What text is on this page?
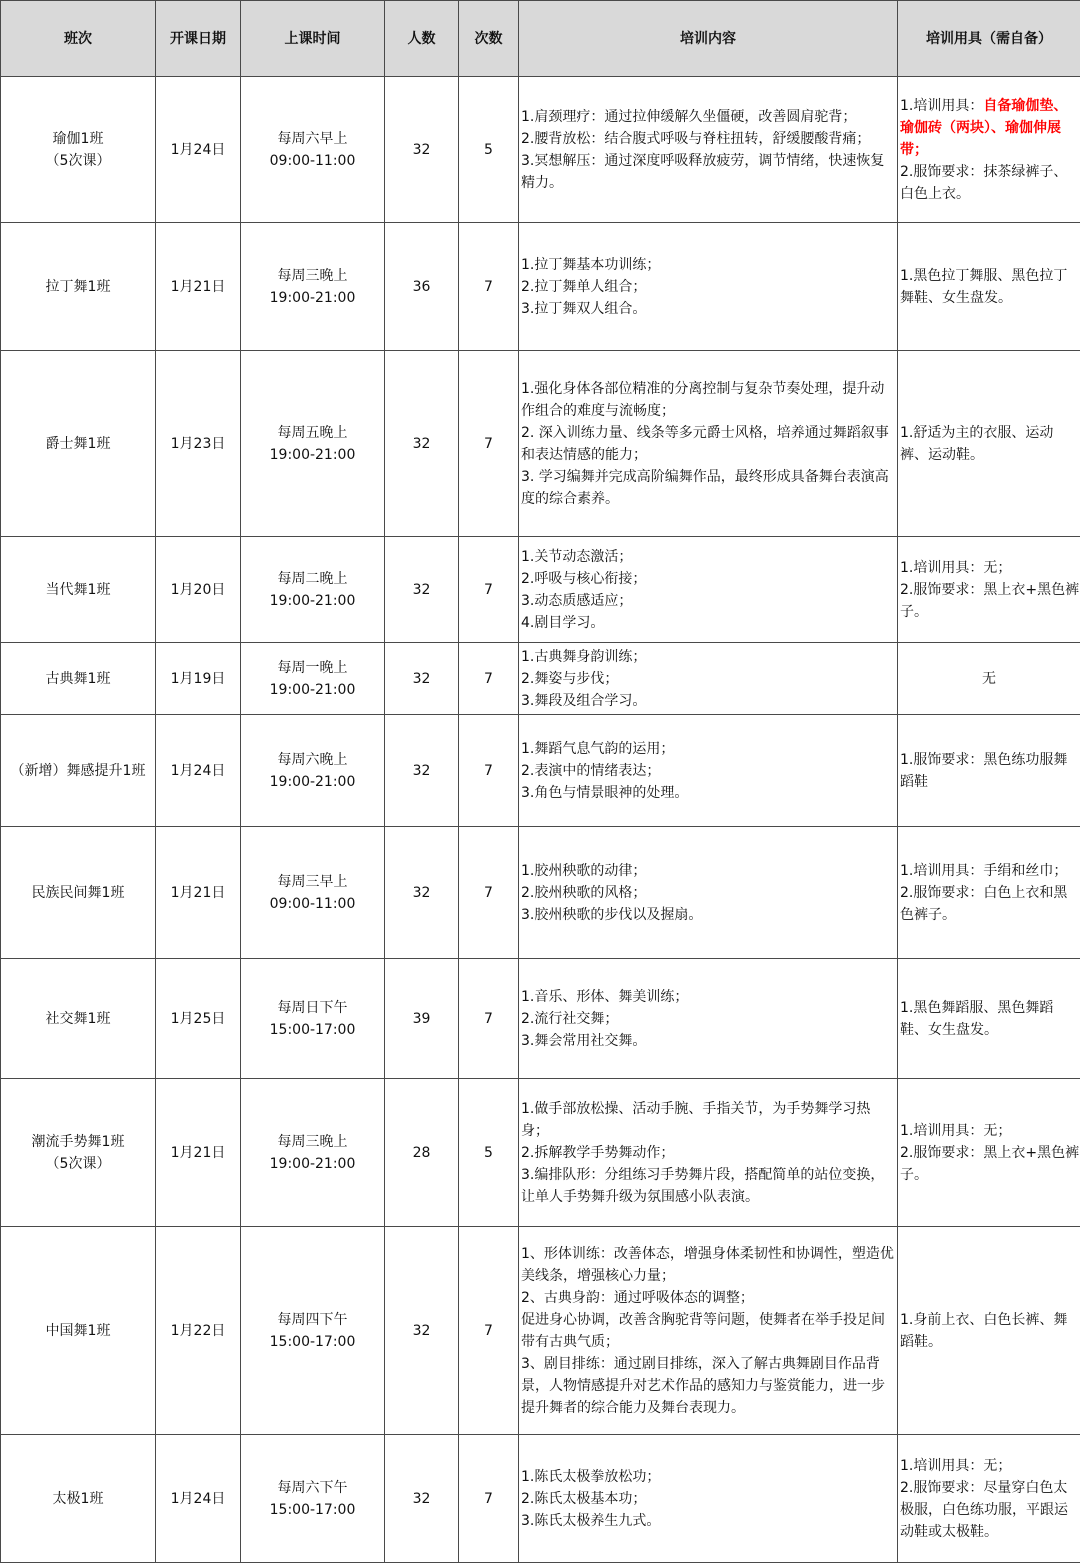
班次	开课日期	上课时间	人数	次数	培训内容	培训用具（需自备）

瑜伽1班
（5次课）	1月24日	每周六早上
09:00-11:00	32	5	1.肩颈理疗：通过拉伸缓解久坐僵硬，改善圆肩驼背；
2.腰背放松：结合腹式呼吸与脊柱扭转，舒缓腰酸背痛；
3.冥想解压：通过深度呼吸释放疲劳，调节情绪，快速恢复精力。	1.培训用具：自备瑜伽垫、瑜伽砖（两块）、瑜伽伸展带；
2.服饰要求：抹茶绿裤子、白色上衣。

拉丁舞1班	1月21日	每周三晚上
19:00-21:00	36	7	1.拉丁舞基本功训练；
2.拉丁舞单人组合；
3.拉丁舞双人组合。	1.黑色拉丁舞服、黑色拉丁舞鞋、女生盘发。

爵士舞1班	1月23日	每周五晚上
19:00-21:00	32	7	1.强化身体各部位精准的分离控制与复杂节奏处理，提升动作组合的难度与流畅度；
2. 深入训练力量、线条等多元爵士风格，培养通过舞蹈叙事和表达情感的能力；
3. 学习编舞并完成高阶编舞作品，最终形成具备舞台表演高度的综合素养。	1.舒适为主的衣服、运动裤、运动鞋。

当代舞1班	1月20日	每周二晚上
19:00-21:00	32	7	1.关节动态激活；
2.呼吸与核心衔接；
3.动态质感适应；
4.剧目学习。	1.培训用具：无；
2.服饰要求：黑上衣+黑色裤子。

古典舞1班	1月19日	每周一晚上
19:00-21:00	32	7	1.古典舞身韵训练；
2.舞姿与步伐；
3.舞段及组合学习。	无

（新增）舞感提升1班	1月24日	每周六晚上
19:00-21:00	32	7	1.舞蹈气息气韵的运用；
2.表演中的情绪表达；
3.角色与情景眼神的处理。	1.服饰要求：黑色练功服舞蹈鞋

民族民间舞1班	1月21日	每周三早上
09:00-11:00	32	7	1.胶州秧歌的动律；
2.胶州秧歌的风格；
3.胶州秧歌的步伐以及握扇。	1.培训用具：手绢和丝巾；
2.服饰要求：白色上衣和黑色裤子。

社交舞1班	1月25日	每周日下午
15:00-17:00	39	7	1.音乐、形体、舞美训练；
2.流行社交舞；
3.舞会常用社交舞。	1.黑色舞蹈服、黑色舞蹈鞋、女生盘发。

潮流手势舞1班
（5次课）	1月21日	每周三晚上
19:00-21:00	28	5	1.做手部放松操、活动手腕、手指关节，为手势舞学习热身；
2.拆解教学手势舞动作；
3.编排队形：分组练习手势舞片段，搭配简单的站位变换，让单人手势舞升级为氛围感小队表演。	1.培训用具：无；
2.服饰要求：黑上衣+黑色裤子。

中国舞1班	1月22日	每周四下午
15:00-17:00	32	7	1、形体训练：改善体态，增强身体柔韧性和协调性，塑造优美线条，增强核心力量；
2、古典身韵：通过呼吸体态的调整；
促进身心协调，改善含胸驼背等问题，使舞者在举手投足间带有古典气质；
3、剧目排练：通过剧目排练，深入了解古典舞剧目作品背景，人物情感提升对艺术作品的感知力与鉴赏能力，进一步提升舞者的综合能力及舞台表现力。	1.身前上衣、白色长裤、舞蹈鞋。

太极1班	1月24日	每周六下午
15:00-17:00	32	7	1.陈氏太极拳放松功；
2.陈氏太极基本功；
3.陈氏太极养生九式。	1.培训用具：无；
2.服饰要求：尽量穿白色太极服，白色练功服，平跟运动鞋或太极鞋。
